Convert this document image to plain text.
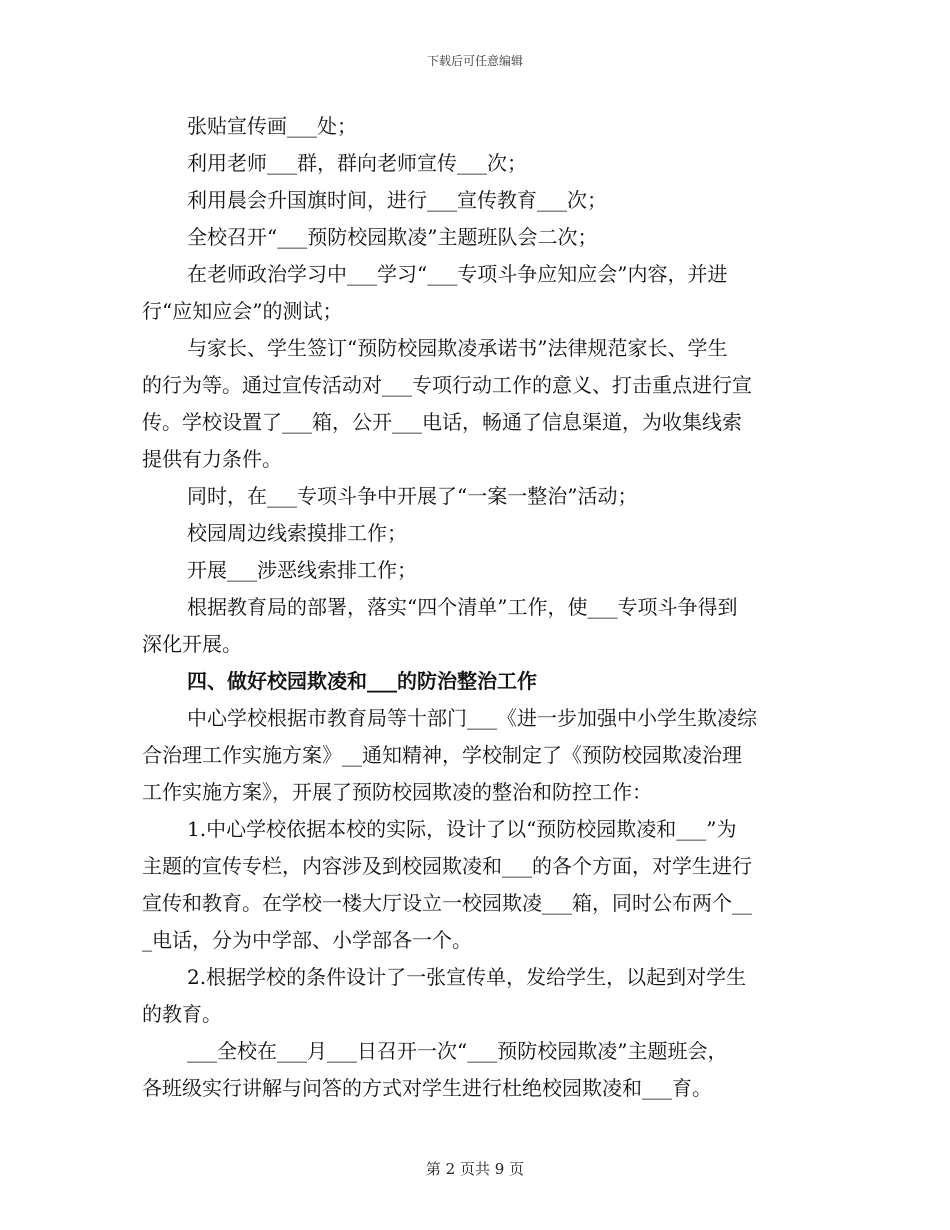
下载后可任意编辑
张贴宣传画___处；
利用老师___群，群向老师宣传___次；
利用晨会升国旗时间，进行___宣传教育___次；
全校召开“___预防校园欺凌”主题班队会二次；
在老师政治学习中___学习“___专项斗争应知应会”内容，并进
行“应知应会”的测试；
与家长、学生签订“预防校园欺凌承诺书”法律规范家长、学生
的行为等。通过宣传活动对___专项行动工作的意义、打击重点进行宣
传。学校设置了___箱，公开___电话，畅通了信息渠道，为收集线索
提供有力条件。
同时，在___专项斗争中开展了“一案一整治”活动；
校园周边线索摸排工作；
开展___涉恶线索排工作；
根据教育局的部署，落实“四个清单”工作，使___专项斗争得到
深化开展。
四、做好校园欺凌和___的防治整治工作
中心学校根据市教育局等十部门___《进一步加强中小学生欺凌综
合治理工作实施方案》__通知精神，学校制定了《预防校园欺凌治理
工作实施方案》，开展了预防校园欺凌的整治和防控工作：
1.中心学校依据本校的实际，设计了以“预防校园欺凌和___”为
主题的宣传专栏，内容涉及到校园欺凌和___的各个方面，对学生进行
宣传和教育。在学校一楼大厅设立一校园欺凌___箱，同时公布两个__
_电话，分为中学部、小学部各一个。
2.根据学校的条件设计了一张宣传单，发给学生，以起到对学生
的教育。
___全校在___月___日召开一次“___预防校园欺凌”主题班会，
各班级实行讲解与问答的方式对学生进行杜绝校园欺凌和___育。
第 2 页共 9 页
